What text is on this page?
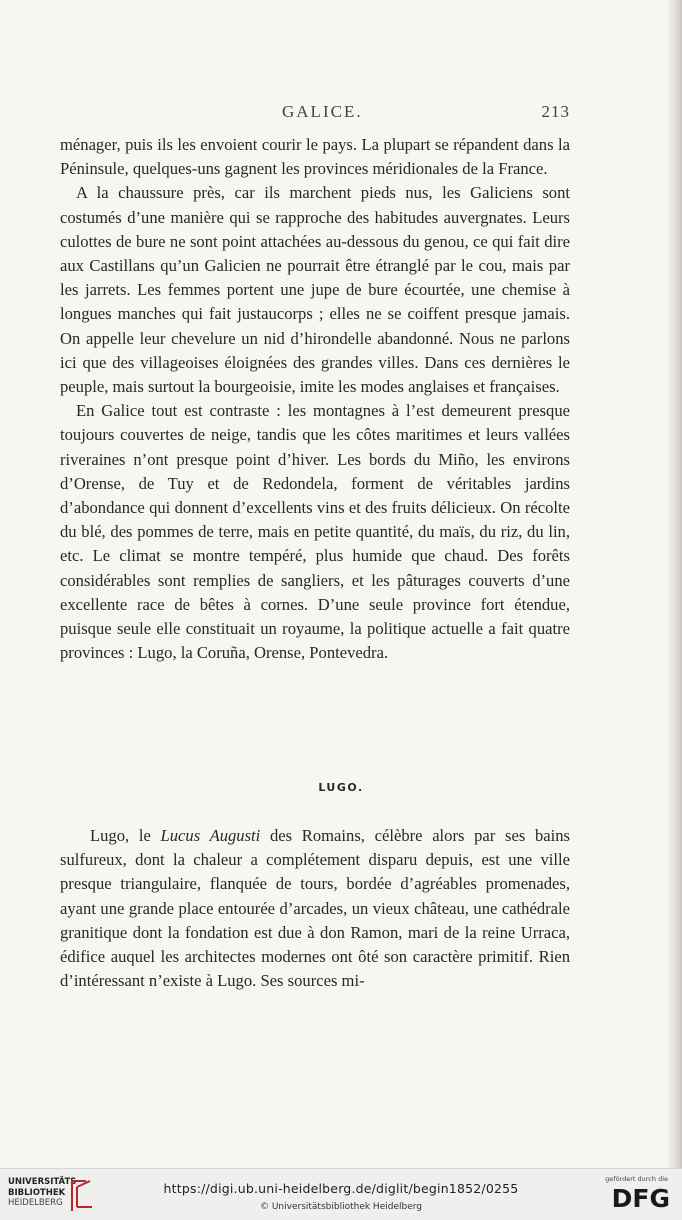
GALICE.	213

ménager, puis ils les envoient courir le pays. La plupart se répandent dans la Péninsule, quelques-uns gagnent les provinces méridionales de la France.

A la chaussure près, car ils marchent pieds nus, les Galiciens sont costumés d’une manière qui se rapproche des habitudes auvergnates. Leurs culottes de bure ne sont point attachées au-dessous du genou, ce qui fait dire aux Castillans qu’un Galicien ne pourrait être étranglé par le cou, mais par les jarrets. Les femmes portent une jupe de bure écourtée, une chemise à longues manches qui fait justaucorps ; elles ne se coiffent presque jamais. On appelle leur chevelure un nid d’hirondelle abandonné. Nous ne parlons ici que des villageoises éloignées des grandes villes. Dans ces dernières le peuple, mais surtout la bourgeoisie, imite les modes anglaises et françaises.

En Galice tout est contraste : les montagnes à l’est demeurent presque toujours couvertes de neige, tandis que les côtes maritimes et leurs vallées riveraines n’ont presque point d’hiver. Les bords du Miño, les environs d’Orense, de Tuy et de Redondela, forment de véritables jardins d’abondance qui donnent d’excellents vins et des fruits délicieux. On récolte du blé, des pommes de terre, mais en petite quantité, du maïs, du riz, du lin, etc. Le climat se montre tempéré, plus humide que chaud. Des forêts considérables sont remplies de sangliers, et les pâturages couverts d’une excellente race de bêtes à cornes. D’une seule province fort étendue, puisque seule elle constituait un royaume, la politique actuelle a fait quatre provinces : Lugo, la Coruña, Orense, Pontevedra.

LUGO.

Lugo, le Lucus Augusti des Romains, célèbre alors par ses bains sulfureux, dont la chaleur a complétement disparu depuis, est une ville presque triangulaire, flanquée de tours, bordée d’agréables promenades, ayant une grande place entourée d’arcades, un vieux château, une cathédrale granitique dont la fondation est due à don Ramon, mari de la reine Urraca, édifice auquel les architectes modernes ont ôté son caractère primitif. Rien d’intéressant n’existe à Lugo. Ses sources mi-

UNIVERSITÄTS-
BIBLIOTHEK
HEIDELBERG
https://digi.ub.uni-heidelberg.de/diglit/begin1852/0255
© Universitätsbibliothek Heidelberg
gefördert durch die
DFG
